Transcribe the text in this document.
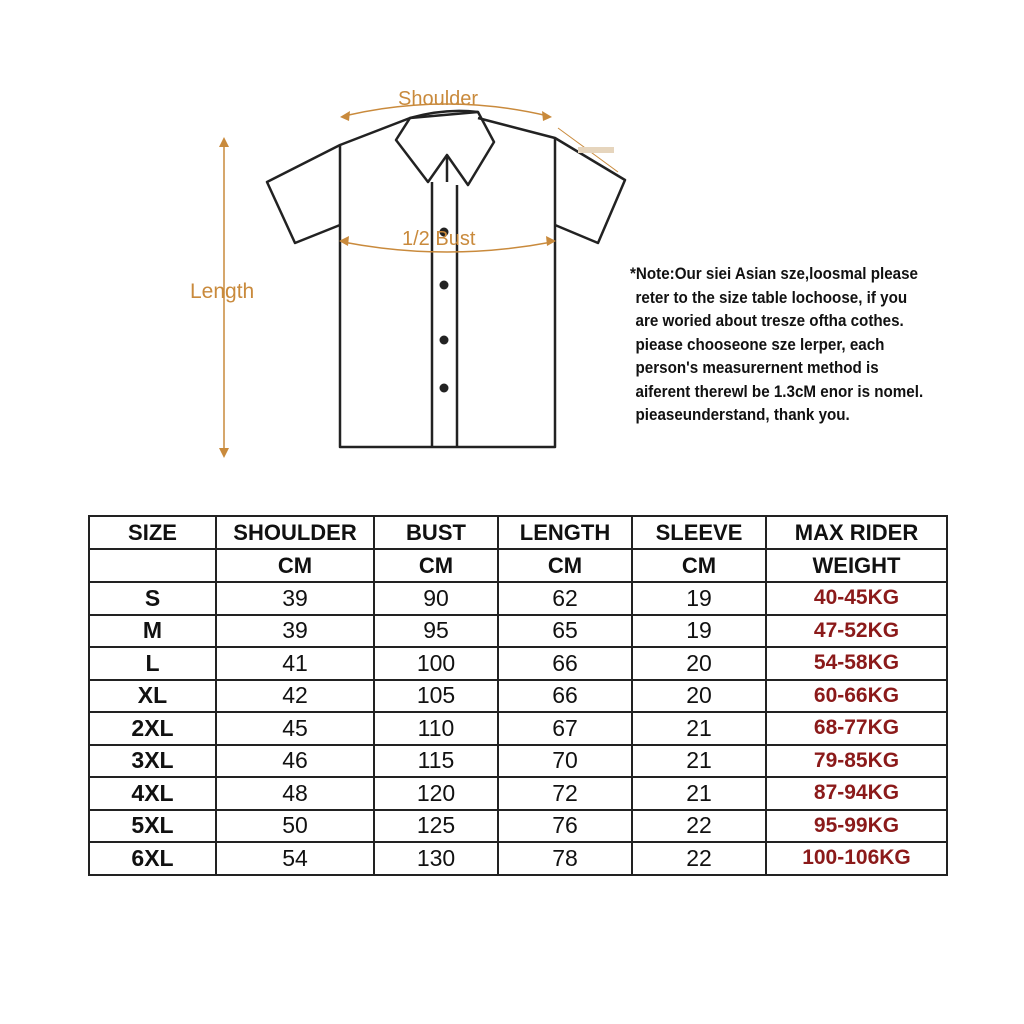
Shoulder
1/2 Bust
Length
*Note:Our siei Asian sze,loosmal please
reter to the size table lochoose, if you
are woried about tresze oftha cothes.
piease chooseone sze lerper, each
person's measurernent method is
aiferent therewl be 1.3cM enor is nomel.
pieaseunderstand, thank you.
SIZE	SHOULDER	BUST	LENGTH	SLEEVE	MAX RIDER
	CM	CM	CM	CM	WEIGHT
S	39	90	62	19	40-45KG
M	39	95	65	19	47-52KG
L	41	100	66	20	54-58KG
XL	42	105	66	20	60-66KG
2XL	45	110	67	21	68-77KG
3XL	46	115	70	21	79-85KG
4XL	48	120	72	21	87-94KG
5XL	50	125	76	22	95-99KG
6XL	54	130	78	22	100-106KG
